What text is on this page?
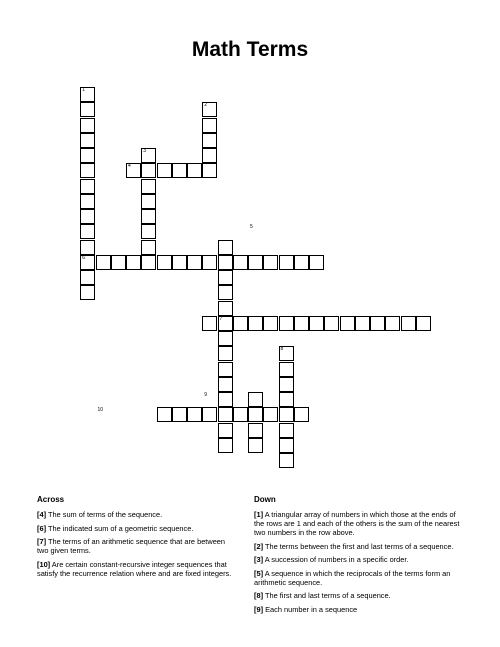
Math Terms
1
2
3
4
5
6
7
8
9
10
Across
[4] The sum of terms of the sequence.
[6] The indicated sum of a geometric sequence.
[7] The terms of an arithmetic sequence that are between two given terms.
[10] Are certain constant-recursive integer sequences that satisfy the recurrence relation where and are fixed integers.
Down
[1] A triangular array of numbers in which those at the ends of the rows are 1 and each of the others is the sum of the nearest two numbers in the row above.
[2] The terms between the first and last terms of a sequence.
[3] A succession of numbers in a specific order.
[5] A sequence in which the reciprocals of the terms form an arithmetic sequence.
[8] The first and last terms of a sequence.
[9] Each number in a sequence
